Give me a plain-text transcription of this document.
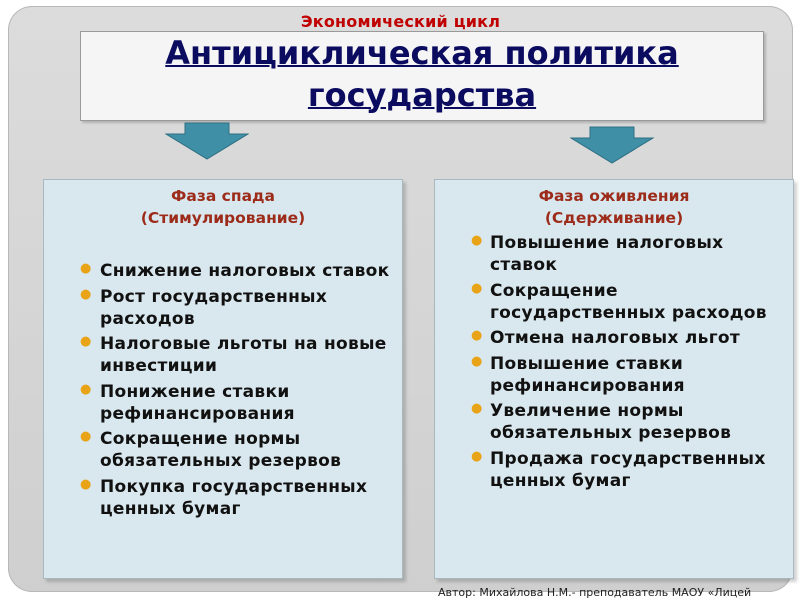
Экономический цикл
Антициклическая политика
государства
Фаза спада
(Стимулирование)
● Снижение налоговых ставок
● Рост государственных расходов
● Налоговые льготы на новые инвестиции
● Понижение ставки рефинансирования
● Сокращение нормы обязательных резервов
● Покупка государственных ценных бумаг
Фаза оживления
(Сдерживание)
● Повышение налоговых ставок
● Сокращение государственных расходов
● Отмена налоговых льгот
● Повышение ставки рефинансирования
● Увеличение нормы обязательных резервов
● Продажа государственных ценных бумаг
Автор: Михайлова Н.М.- преподаватель МАОУ «Лицей
